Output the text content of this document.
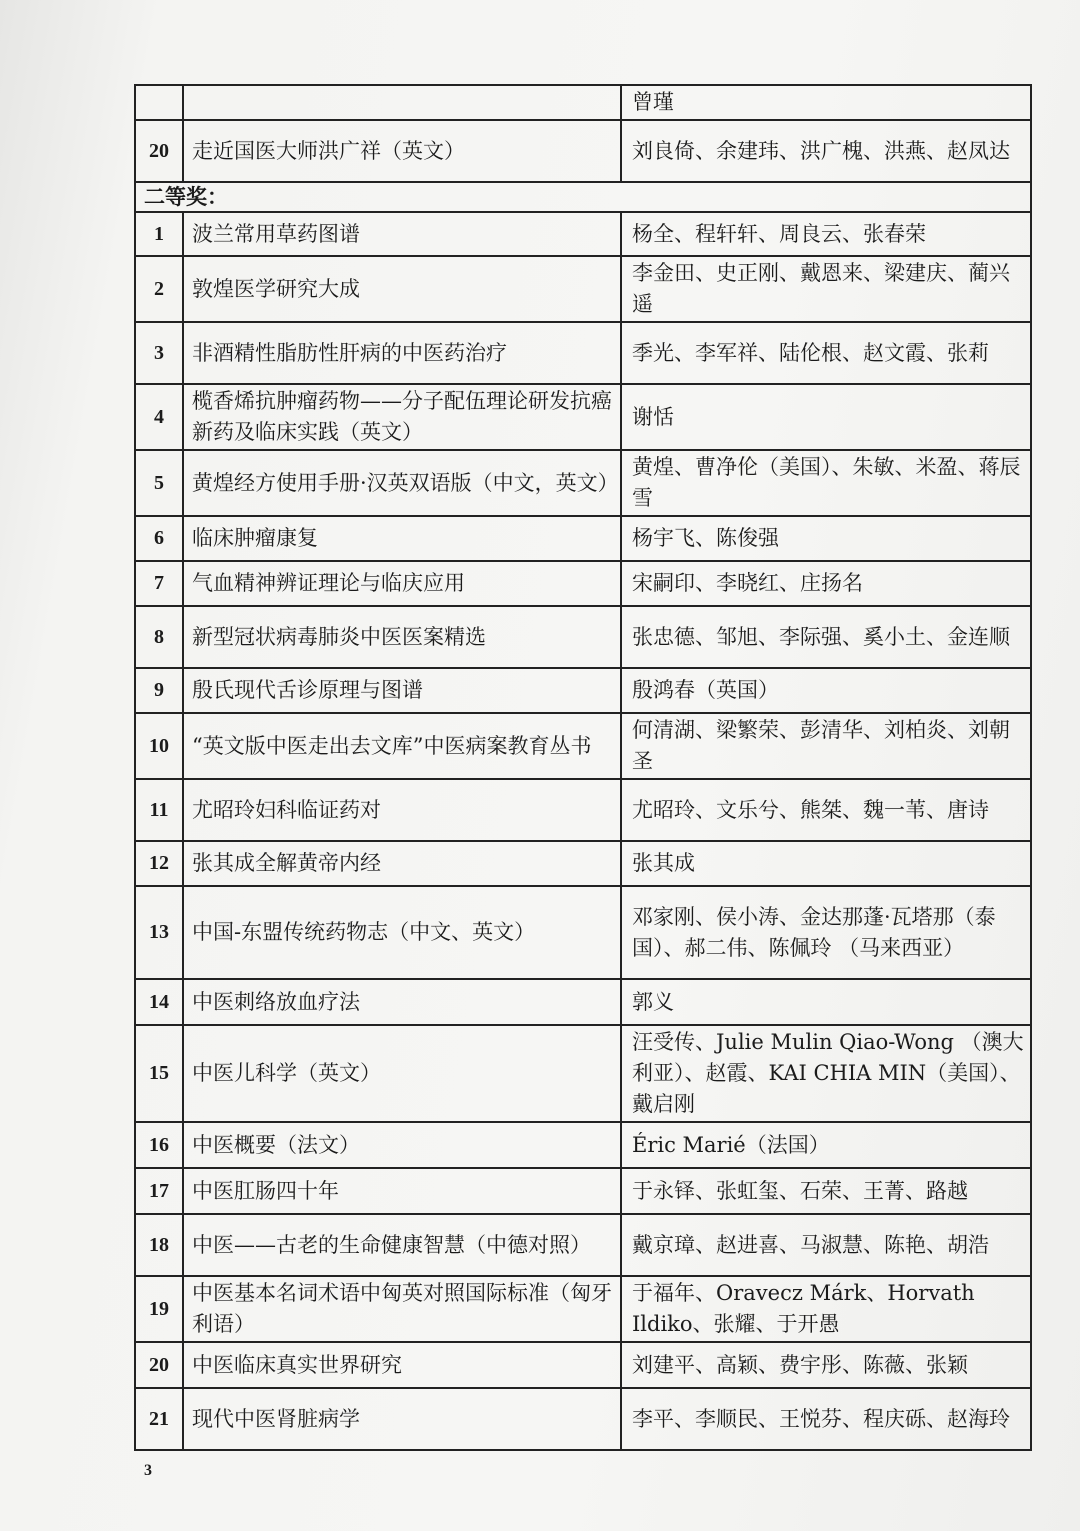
		曾瑾
20	走近国医大师洪广祥（英文）	刘良倚、余建玮、洪广槐、洪燕、赵凤达
二等奖：		
1	波兰常用草药图谱	杨全、程轩轩、周良云、张春荣
2	敦煌医学研究大成	李金田、史正刚、戴恩来、梁建庆、蔺兴遥
3	非酒精性脂肪性肝病的中医药治疗	季光、李军祥、陆伦根、赵文霞、张莉
4	榄香烯抗肿瘤药物——分子配伍理论研发抗癌新药及临床实践（英文）	谢恬
5	黄煌经方使用手册·汉英双语版（中文，英文）	黄煌、曹净伦（美国）、朱敏、米盈、蒋辰雪
6	临床肿瘤康复	杨宇飞、陈俊强
7	气血精神辨证理论与临庆应用	宋嗣印、李晓红、庄扬名
8	新型冠状病毒肺炎中医医案精选	张忠德、邹旭、李际强、奚小土、金连顺
9	殷氏现代舌诊原理与图谱	殷鸿春（英国）
10	“英文版中医走出去文库”中医病案教育丛书	何清湖、梁繁荣、彭清华、刘柏炎、刘朝圣
11	尤昭玲妇科临证药对	尤昭玲、文乐兮、熊桀、魏一苇、唐诗
12	张其成全解黄帝内经	张其成
13	中国-东盟传统药物志（中文、英文）	邓家刚、侯小涛、金达那蓬·瓦塔那（泰国）、郝二伟、陈佩玲 （马来西亚）
14	中医刺络放血疗法	郭义
15	中医儿科学（英文）	汪受传、Julie Mulin Qiao-Wong （澳大利亚）、赵霞、KAI CHIA MIN（美国）、戴启刚
16	中医概要（法文）	Éric Marié（法国）
17	中医肛肠四十年	于永铎、张虹玺、石荣、王菁、路越
18	中医——古老的生命健康智慧（中德对照）	戴京璋、赵进喜、马淑慧、陈艳、胡浩
19	中医基本名词术语中匈英对照国际标准（匈牙利语）	于福年、Oravecz Márk、Horvath Ildiko、张耀、于开愚
20	中医临床真实世界研究	刘建平、高颖、费宇彤、陈薇、张颖
21	现代中医肾脏病学	李平、李顺民、王悦芬、程庆砾、赵海玲
3
